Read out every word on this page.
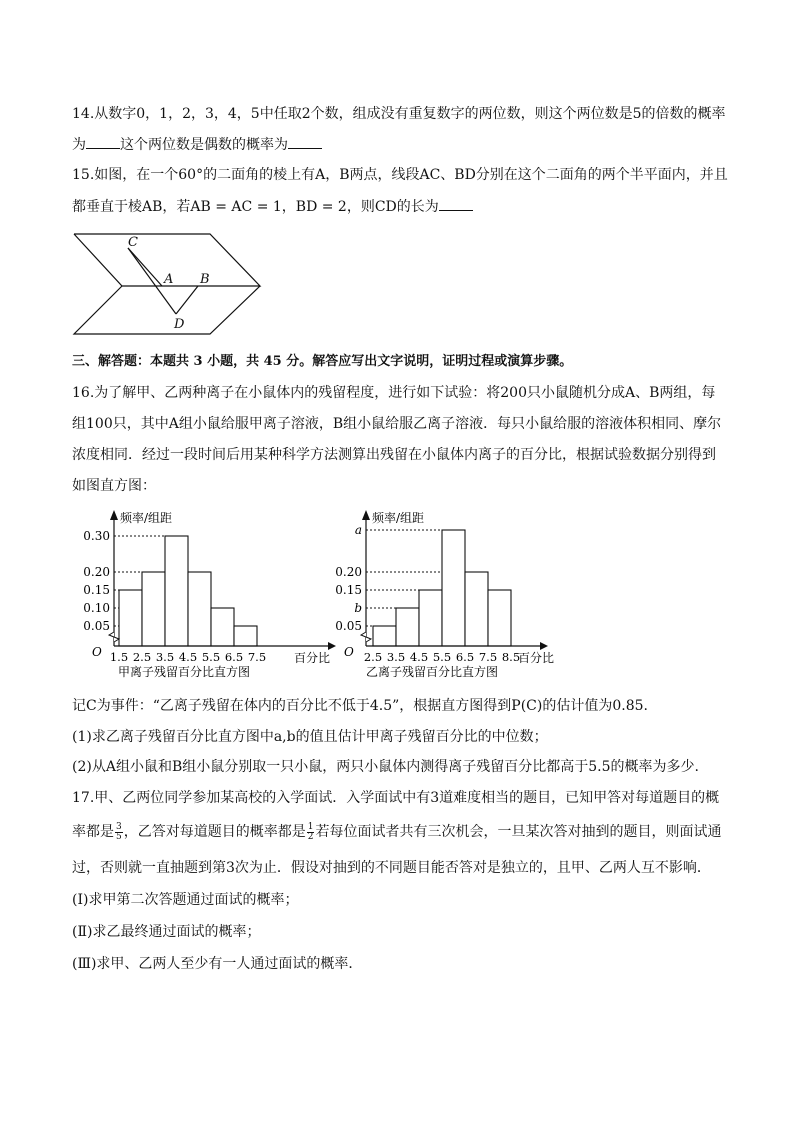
14.从数字0，1，2，3，4，5中任取2个数，组成没有重复数字的两位数，则这个两位数是5的倍数的概率
为 这个两位数是偶数的概率为
15.如图，在一个60°的二面角的棱上有A，B两点，线段AC、BD分别在这个二面角的两个半平面内，并且
都垂直于棱AB，若AB = AC = 1，BD = 2，则CD的长为
C
A B
D
三、解答题：本题共 3 小题，共 45 分。解答应写出文字说明，证明过程或演算步骤。
16.为了解甲、乙两种离子在小鼠体内的残留程度，进行如下试验：将200只小鼠随机分成A、B两组，每
组100只，其中A组小鼠给服甲离子溶液，B组小鼠给服乙离子溶液．每只小鼠给服的溶液体积相同、摩尔
浓度相同．经过一段时间后用某种科学方法测算出残留在小鼠体内离子的百分比，根据试验数据分别得到
如图直方图：
0.05
0.10
0.15
0.20
0.30
1.5 2.5 3.5 4.5 5.5 6.5 7.5
频率/组距
O	百分比
甲离子残留百分比直方图
0.05
b
0.15
0.20
a
2.5 3.5 4.5 5.5 6.5 7.5 8.5
频率/组距
O	百分比
乙离子残留百分比直方图
记C为事件：“乙离子残留在体内的百分比不低于4.5”，根据直方图得到P(C)的估计值为0.85.
(1)求乙离子残留百分比直方图中a,b的值且估计甲离子残留百分比的中位数；
(2)从A组小鼠和B组小鼠分别取一只小鼠，两只小鼠体内测得离子残留百分比都高于5.5的概率为多少.
17.甲、乙两位同学参加某高校的入学面试．入学面试中有3道难度相当的题目，已知甲答对每道题目的概
率都是 $\frac{3}{5}$ ，乙答对每道题目的概率都是 $\frac{1}{2}$ 若每位面试者共有三次机会，一旦某次答对抽到的题目，则面试通
过，否则就一直抽题到第3次为止．假设对抽到的不同题目能否答对是独立的，且甲、乙两人互不影响．
(Ⅰ)求甲第二次答题通过面试的概率；
(Ⅱ)求乙最终通过面试的概率；
(Ⅲ)求甲、乙两人至少有一人通过面试的概率．
